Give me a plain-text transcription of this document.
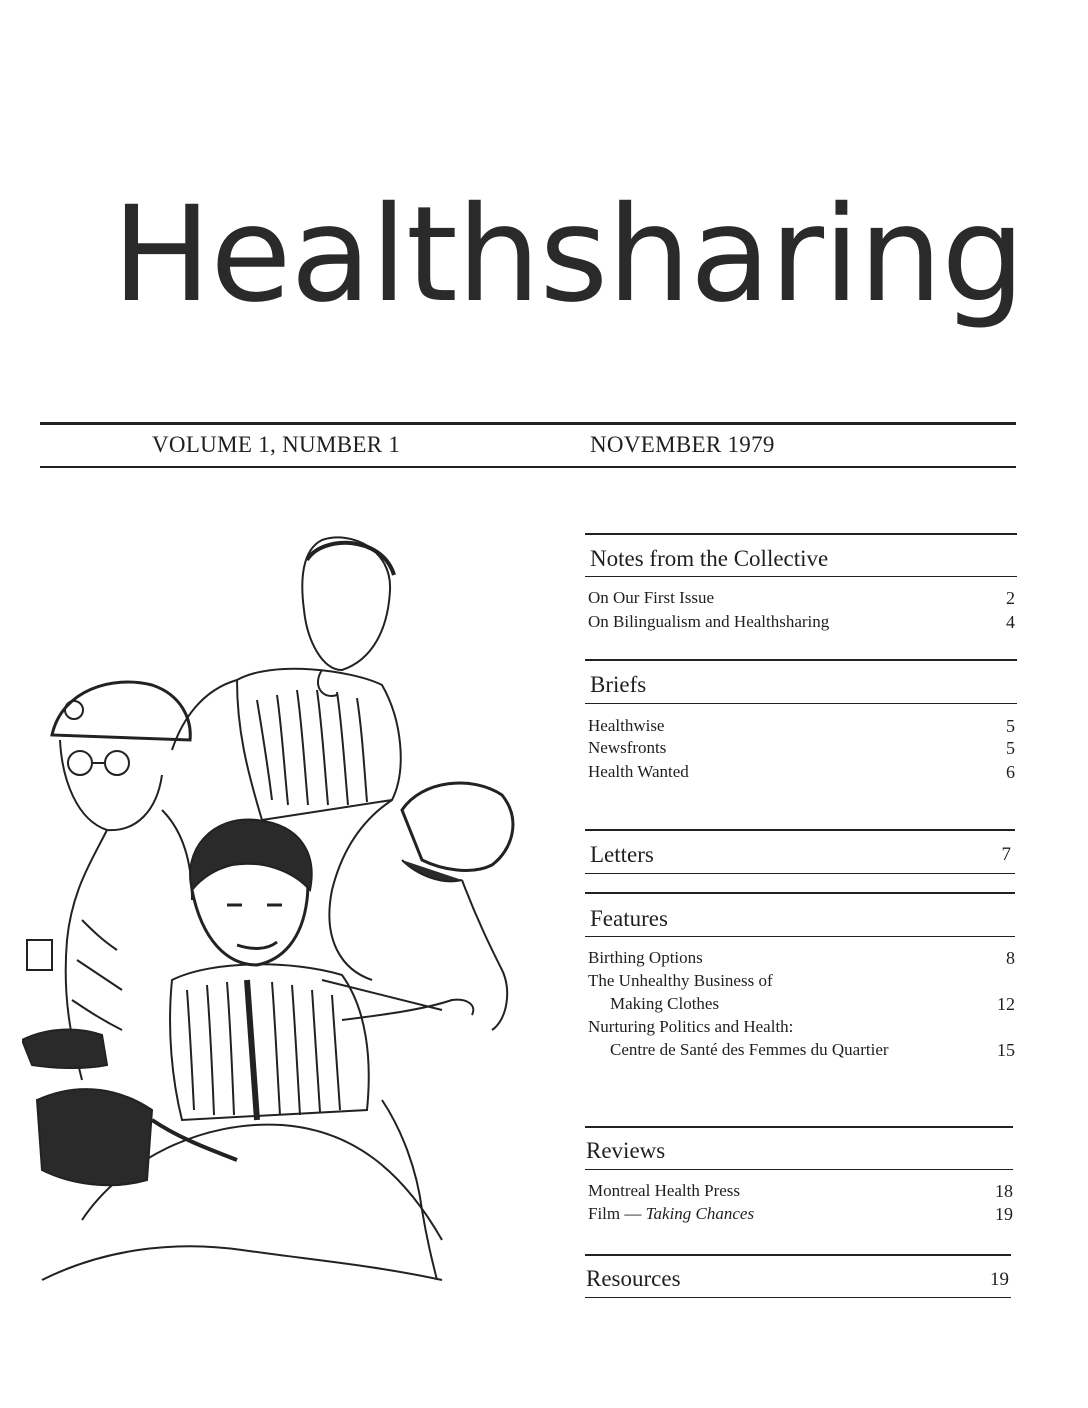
Healthsharing
VOLUME 1, NUMBER 1	NOVEMBER 1979
Notes from the Collective
On Our First Issue	2
On Bilingualism and Healthsharing	4
Briefs
Healthwise	5
Newsfronts	5
Health Wanted	6
Letters	7
Features
Birthing Options	8
The Unhealthy Business of
Making Clothes	12
Nurturing Politics and Health:
Centre de Santé des Femmes du Quartier	15
Reviews
Montreal Health Press	18
Film — Taking Chances	19
Resources	19
